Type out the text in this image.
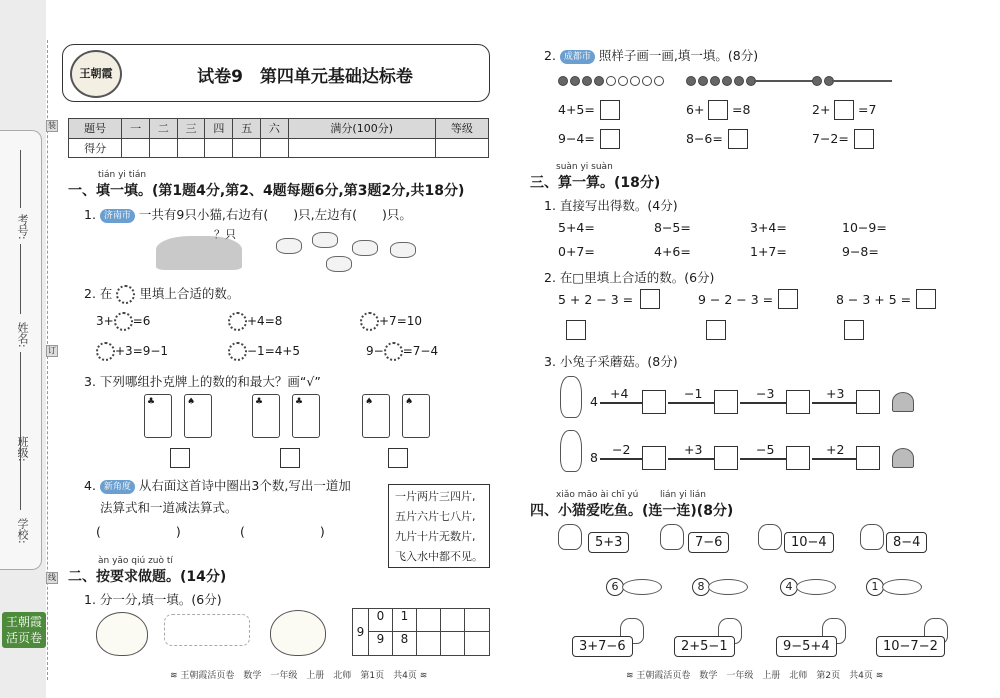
学校:
班级:
姓名:
考号:
装
订
线
王朝霞活页卷
王朝霞	试卷9　第四单元基础达标卷
题号	一	二	三	四	五	六	满分(100分)	等级
得分								
tián yi tián
一、填一填。(第1题4分,第2、4题每题6分,第3题2分,共18分)
1. 济南市 一共有9只小猫,右边有(　　)只,左边有(　　)只。
？只
2. 在 里填上合适的数。
3+ =6	+4=8	+7=10
+3=9−1	−1=4+5	9− =7−4
3. 下列哪组扑克牌上的数的和最大？画“√”
♣	♠	♣	♣	♠	♠
4. 新角度 从右面这首诗中圈出3个数,写出一道加
法算式和一道减法算式。
(　　　　　　)	(　　　　　　)
一片两片三四片,
五片六片七八片,
九片十片无数片,
飞入水中都不见。
àn yāo qiú zuò tí
二、按要求做题。(14分)
1. 分一分,填一填。(6分)
9
0	1
9	8
≋ 王朝霞活页卷　数学　一年级　上册　北师　第1页　共4页 ≋
2. 成都市 照样子画一画,填一填。(8分)
4+5=
9−4=
6+ =8
8−6=
2+ =7
7−2=
suàn yi suàn
三、算一算。(18分)
1. 直接写出得数。(4分)
5+4=	8−5=	3+4=	10−9=
0+7=	4+6=	1+7=	9−8=
2. 在□里填上合适的数。(6分)
5 + 2 − 3 =	9 − 2 − 3 =	8 − 3 + 5 =
3. 小兔子采蘑菇。(8分)
4
+4	−1	−3	+3
8
−2	+3	−5	+2
xiǎo māo ài chī yú lián yi lián
四、小猫爱吃鱼。(连一连)(8分)
5+3	7−6	10−4	8−4
6	8	4	1
3+7−6	2+5−1	9−5+4	10−7−2
≋ 王朝霞活页卷　数学　一年级　上册　北师　第2页　共4页 ≋
